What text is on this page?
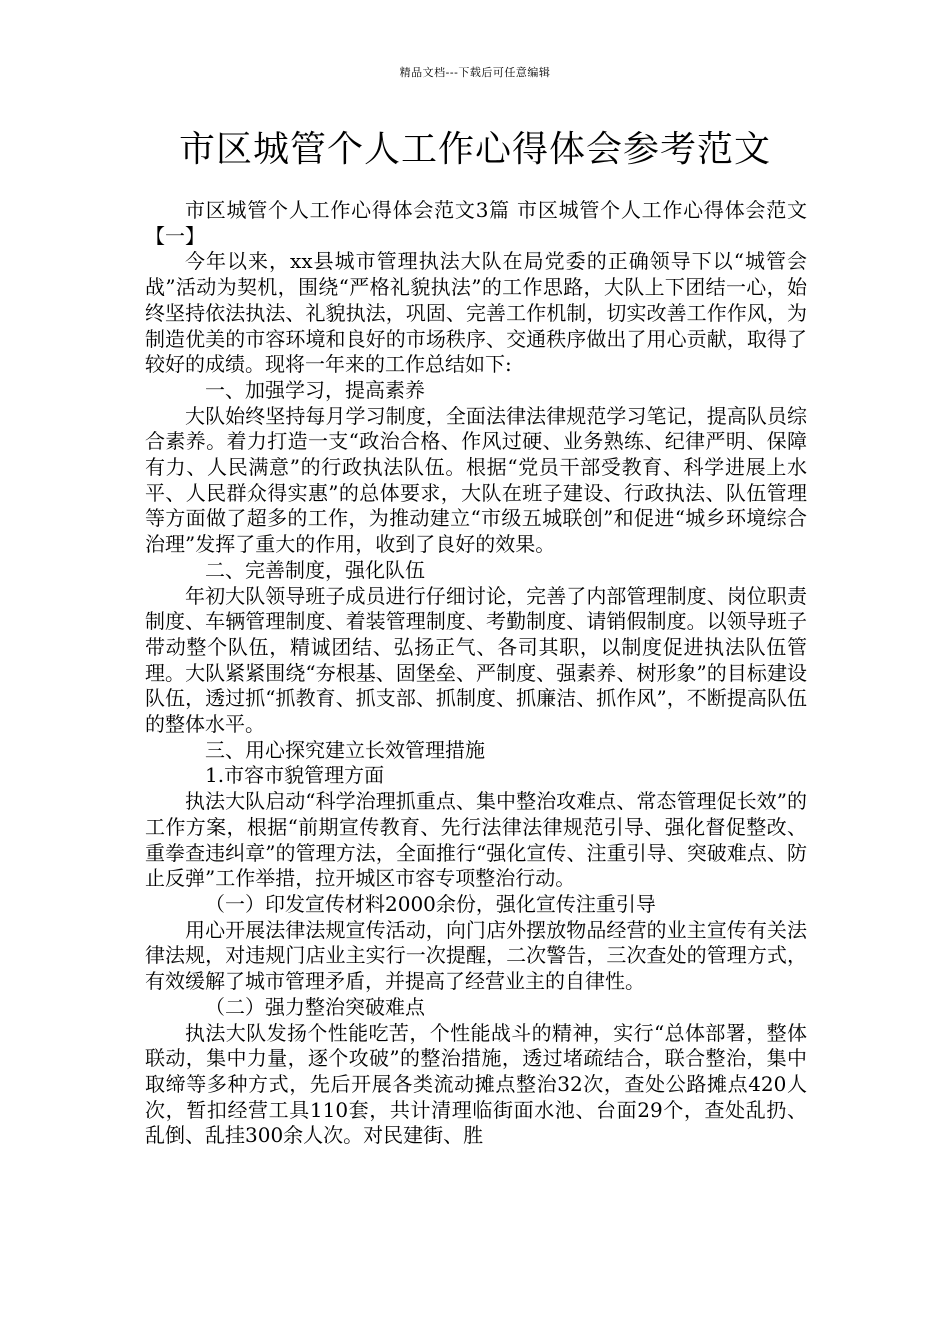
精品文档---下载后可任意编辑
市区城管个人工作心得体会参考范文

市区城管个人工作心得体会范文3篇 市区城管个人工作心得体会范文【一】

今年以来，xx县城市管理执法大队在局党委的正确领导下以“城管会战”活动为契机，围绕“严格礼貌执法”的工作思路，大队上下团结一心，始终坚持依法执法、礼貌执法，巩固、完善工作机制，切实改善工作作风，为制造优美的市容环境和良好的市场秩序、交通秩序做出了用心贡献，取得了较好的成绩。现将一年来的工作总结如下:

一、加强学习，提高素养

大队始终坚持每月学习制度，全面法律法律规范学习笔记，提高队员综合素养。着力打造一支“政治合格、作风过硬、业务熟练、纪律严明、保障有力、人民满意”的行政执法队伍。根据“党员干部受教育、科学进展上水平、人民群众得实惠”的总体要求，大队在班子建设、行政执法、队伍管理等方面做了超多的工作，为推动建立“市级五城联创”和促进“城乡环境综合治理”发挥了重大的作用，收到了良好的效果。

二、完善制度，强化队伍

年初大队领导班子成员进行仔细讨论，完善了内部管理制度、岗位职责制度、车辆管理制度、着装管理制度、考勤制度、请销假制度。以领导班子带动整个队伍，精诚团结、弘扬正气、各司其职，以制度促进执法队伍管理。大队紧紧围绕“夯根基、固堡垒、严制度、强素养、树形象”的目标建设队伍，透过抓“抓教育、抓支部、抓制度、抓廉洁、抓作风”，不断提高队伍的整体水平。

三、用心探究建立长效管理措施

1.市容市貌管理方面

执法大队启动“科学治理抓重点、集中整治攻难点、常态管理促长效”的工作方案，根据“前期宣传教育、先行法律法律规范引导、强化督促整改、重拳查违纠章”的管理方法，全面推行“强化宣传、注重引导、突破难点、防止反弹”工作举措，拉开城区市容专项整治行动。

（一）印发宣传材料2000余份，强化宣传注重引导

用心开展法律法规宣传活动，向门店外摆放物品经营的业主宣传有关法律法规，对违规门店业主实行一次提醒，二次警告，三次查处的管理方式，有效缓解了城市管理矛盾，并提高了经营业主的自律性。

（二）强力整治突破难点

执法大队发扬个性能吃苦，个性能战斗的精神，实行“总体部署，整体联动，集中力量，逐个攻破”的整治措施，透过堵疏结合，联合整治，集中取缔等多种方式，先后开展各类流动摊点整治32次，查处公路摊点420人次，暂扣经营工具110套，共计清理临街面水池、台面29个，查处乱扔、乱倒、乱挂300余人次。对民建街、胜
